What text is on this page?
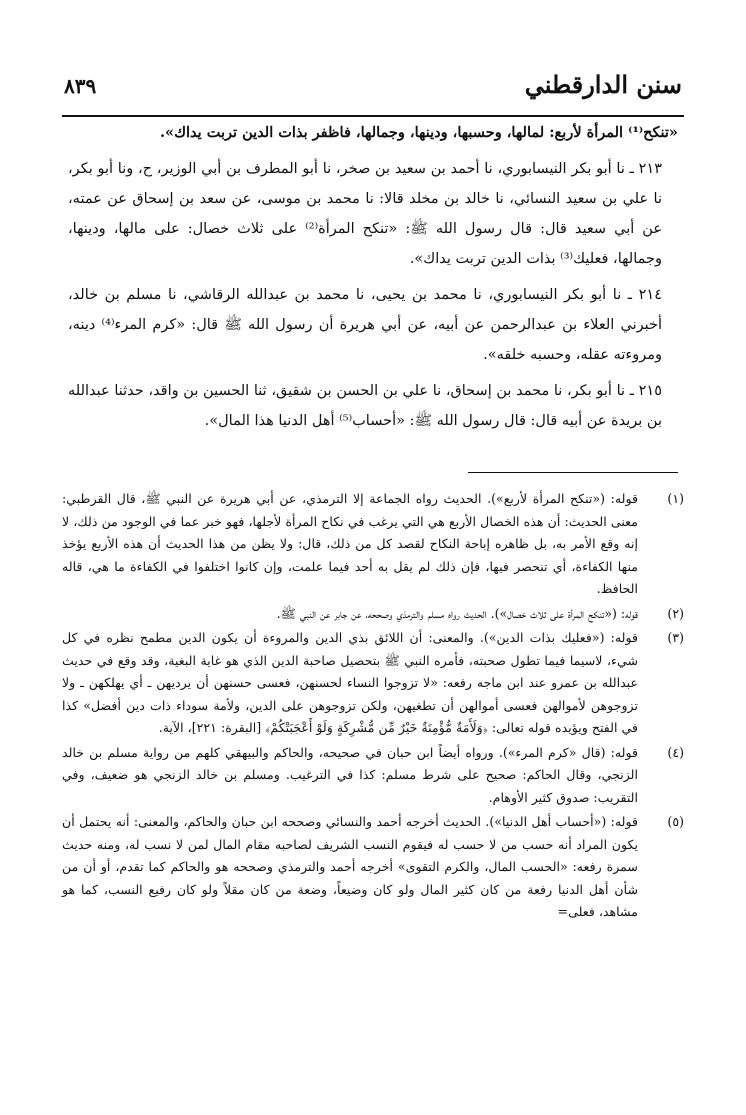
سنن الدارقطني
٨٣٩

«تنكح⁽¹⁾ المرأة لأربع: لمالها، وحسبها، ودينها، وجمالها، فاظفر بذات الدين تربت يداك».

٢١٣ ـ نا أبو بكر النيسابوري، نا أحمد بن سعيد بن صخر، نا أبو المطرف بن أبي الوزير، ح، ونا أبو بكر، نا علي بن سعيد النسائي، نا خالد بن مخلد قالا: نا محمد بن موسى، عن سعد بن إسحاق عن عمته، عن أبي سعيد قال: قال رسول الله ﷺ: «تنكح المرأة⁽²⁾ على ثلاث خصال: على مالها، ودينها، وجمالها، فعليك⁽³⁾ بذات الدين تربت يداك».

٢١٤ ـ نا أبو بكر النيسابوري، نا محمد بن يحيى، نا محمد بن عبدالله الرقاشي، نا مسلم بن خالد، أخبرني العلاء بن عبدالرحمن عن أبيه، عن أبي هريرة أن رسول الله ﷺ قال: «كرم المرء⁽⁴⁾ دينه، ومروءته عقله، وحسبه خلقه».

٢١٥ ـ نا أبو بكر، نا محمد بن إسحاق، نا علي بن الحسن بن شقيق، ثنا الحسين بن واقد، حدثنا عبدالله بن بريدة عن أبيه قال: قال رسول الله ﷺ: «أحساب⁽⁵⁾ أهل الدنيا هذا المال».

(١)
قوله: («تنكح المرأة لأربع»). الحديث رواه الجماعة إلا الترمذي، عن أبي هريرة عن النبي ﷺ، قال القرطبي: معنى الحديث: أن هذه الخصال الأربع هي التي يرغب في نكاح المرأة لأجلها، فهو خبر عما في الوجود من ذلك، لا إنه وقع الأمر به، بل ظاهره إباحة النكاح لقصد كل من ذلك، قال: ولا يظن من هذا الحديث أن هذه الأربع يؤخذ منها الكفاءة، أي تنحصر فيها، فإن ذلك لم يقل به أحد فيما علمت، وإن كانوا اختلفوا في الكفاءة ما هي، قاله الحافظ.
(٢)
قوله: («تنكح المرأة على ثلاث خصال»). الحديث رواه مسلم والترمذي وصححه، عن جابر عن النبي ﷺ.
(٣)
قوله: («فعليك بذات الدين»). والمعنى: أن اللائق بذي الدين والمروءة أن يكون الدين مطمح نظره في كل شيء، لاسيما فيما تطول صحبته، فأمره النبي ﷺ بتحصيل صاحبة الدين الذي هو غاية البغية، وقد وقع في حديث عبدالله بن عمرو عند ابن ماجه رفعه: «لا تزوجوا النساء لحسنهن، فعسى حسنهن أن يرديهن ـ أي يهلكهن ـ ولا تزوجوهن لأموالهن فعسى أموالهن أن تطغيهن، ولكن تزوجوهن على الدين، ولأمة سوداء ذات دين أفضل» كذا في الفتح ويؤيده قوله تعالى: ﴿وَلَأَمَةٌ مُّؤْمِنَةٌ خَيْرٌ مِّن مُّشْرِكَةٍ وَلَوْ أَعْجَبَتْكُمْ﴾ [البقرة: ٢٢١]، الآية.
(٤)
قوله: (قال «كرم المرء»). ورواه أيضاً ابن حبان في صحيحه، والحاكم والبيهقي كلهم من رواية مسلم بن خالد الزنجي، وقال الحاكم: صحيح على شرط مسلم: كذا في الترغيب. ومسلم بن خالد الزنجي هو ضعيف، وفي التقريب: صدوق كثير الأوهام.
(٥)
قوله: («أحساب أهل الدنيا»). الحديث أخرجه أحمد والنسائي وصححه ابن حبان والحاكم، والمعنى: أنه يحتمل أن يكون المراد أنه حسب من لا حسب له فيقوم النسب الشريف لصاحبه مقام المال لمن لا نسب له، ومنه حديث سمرة رفعه: «الحسب المال، والكرم التقوى» أخرجه أحمد والترمذي وصححه هو والحاكم كما تقدم، أو أن من شأن أهل الدنيا رفعة من كان كثير المال ولو كان وضيعاً، وضعة من كان مقلاً ولو كان رفيع النسب، كما هو مشاهد، فعلى=
